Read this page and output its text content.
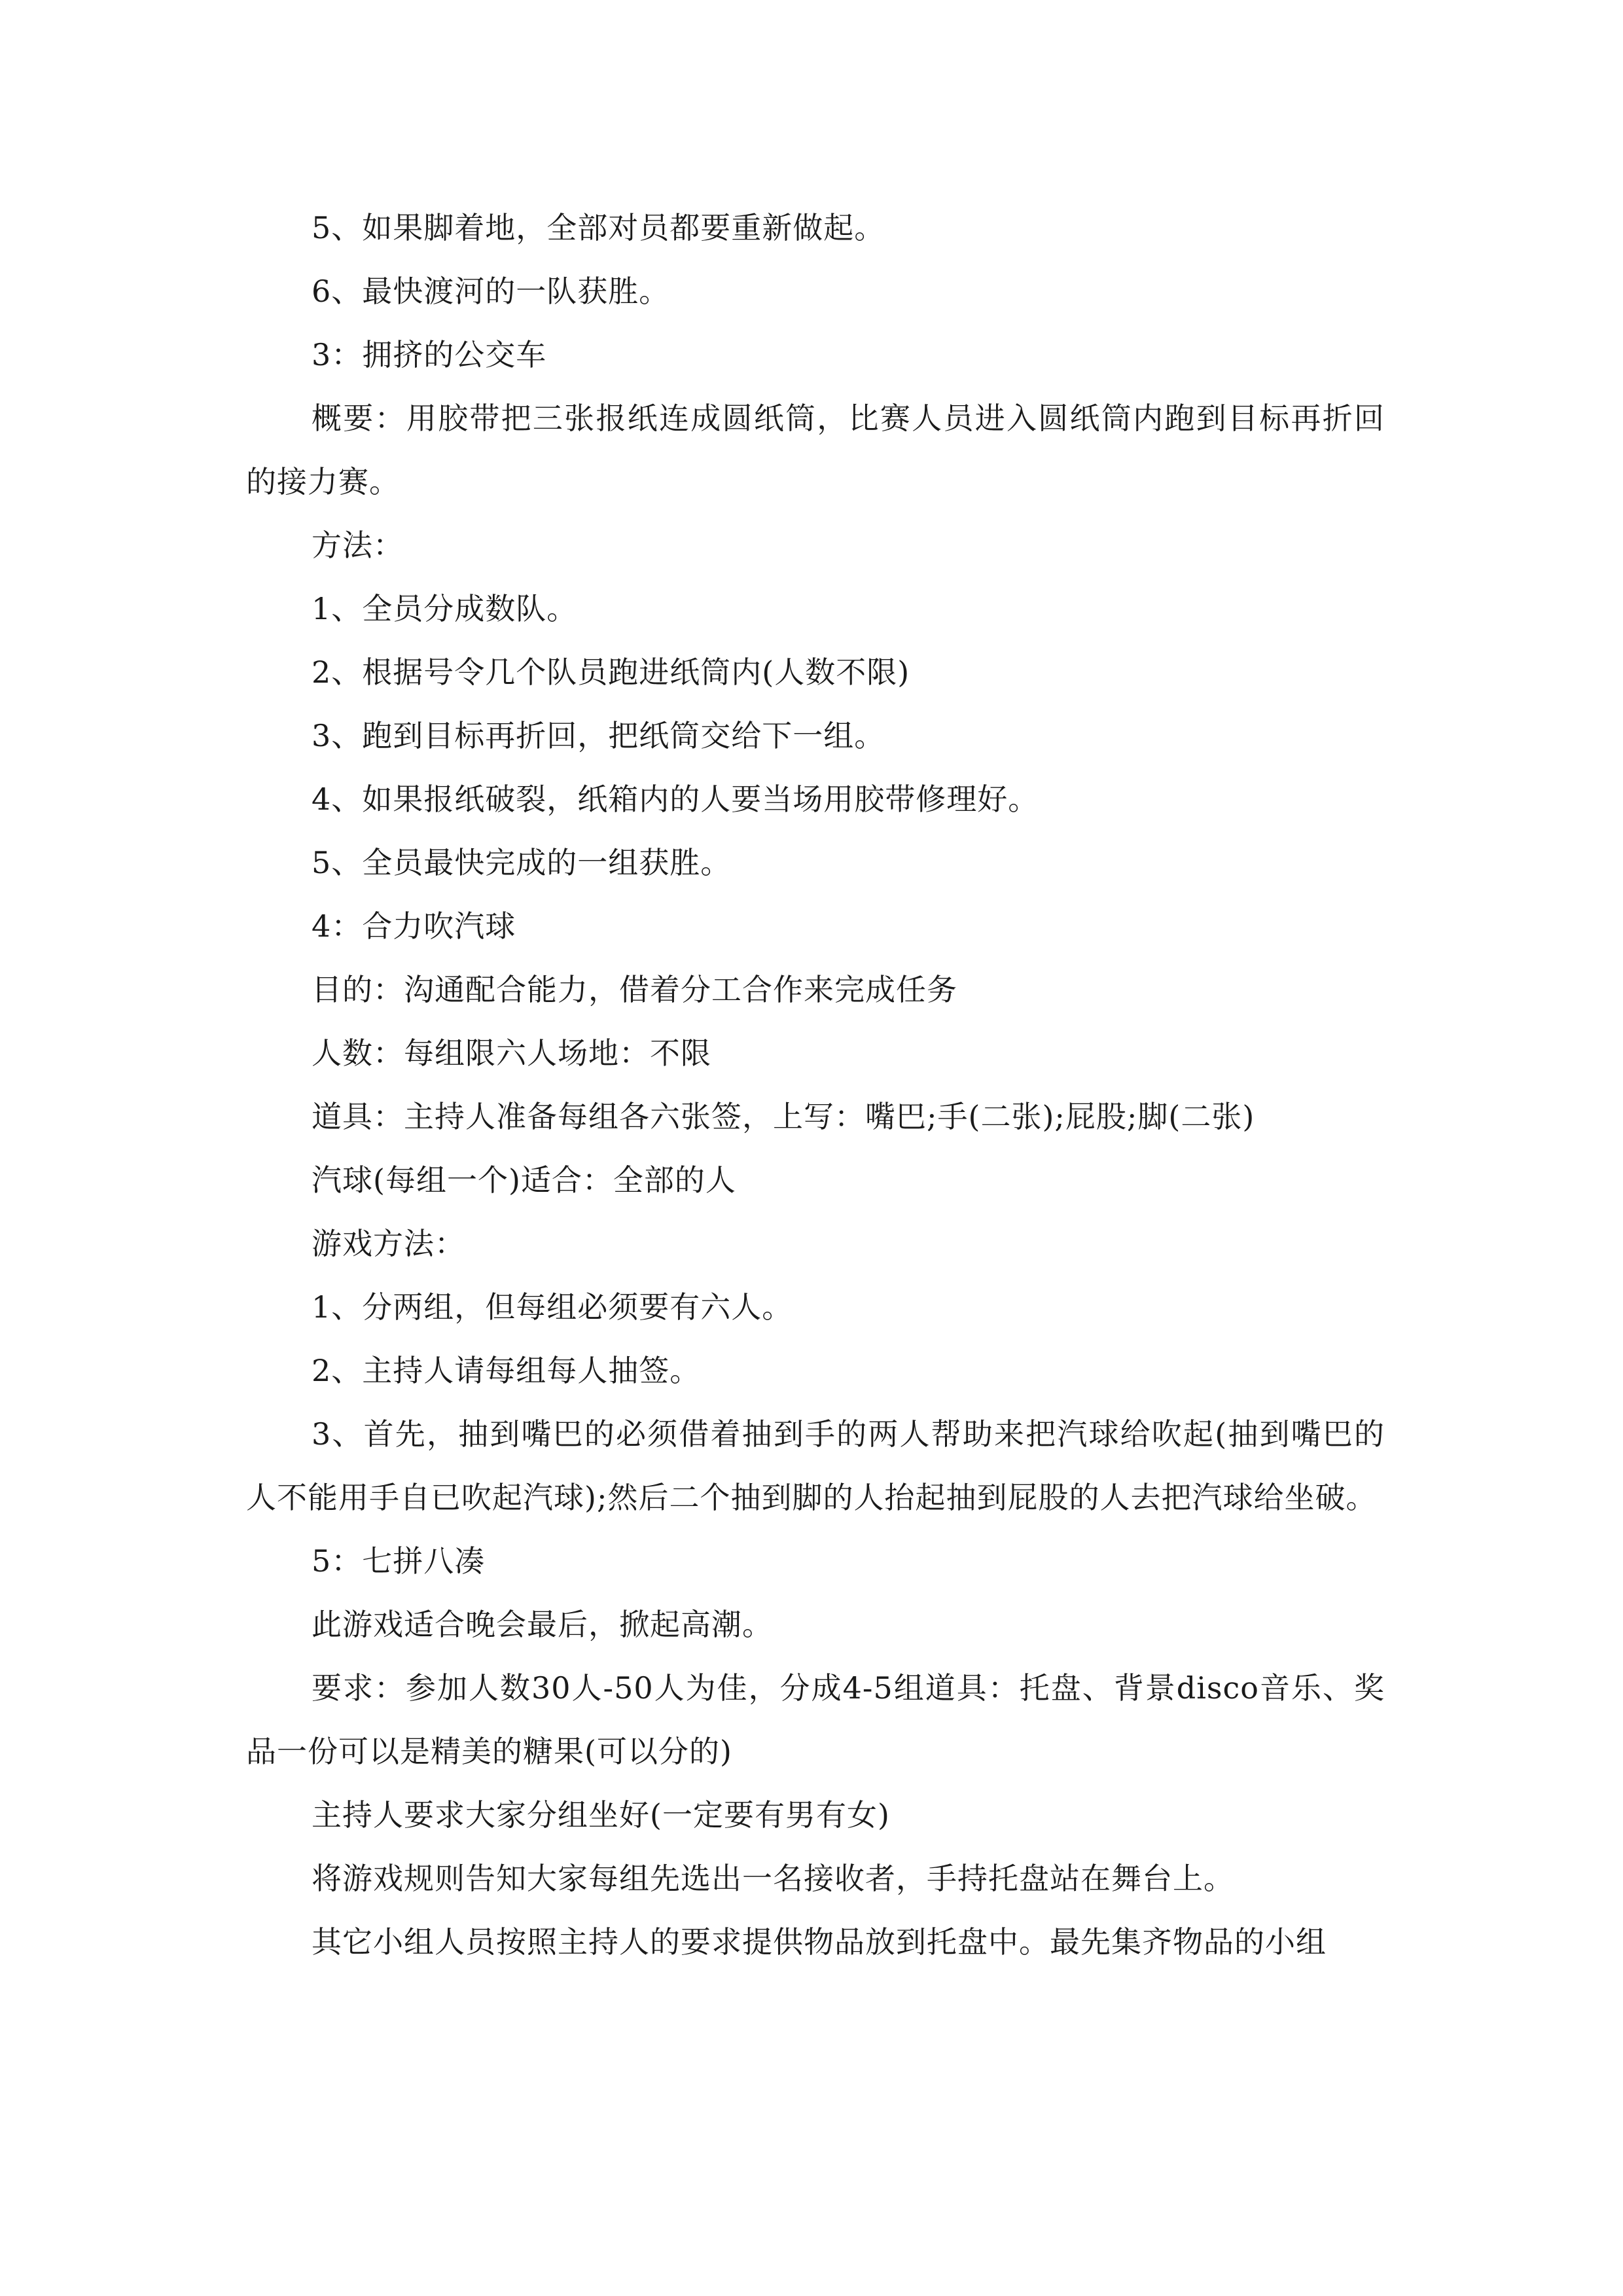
5、如果脚着地，全部对员都要重新做起。

6、最快渡河的一队获胜。

3：拥挤的公交车

概要：用胶带把三张报纸连成圆纸筒，比赛人员进入圆纸筒内跑到目标再折回的接力赛。

方法：

1、全员分成数队。

2、根据号令几个队员跑进纸筒内(人数不限)

3、跑到目标再折回，把纸筒交给下一组。

4、如果报纸破裂，纸箱内的人要当场用胶带修理好。

5、全员最快完成的一组获胜。

4：合力吹汽球

目的：沟通配合能力，借着分工合作来完成任务

人数：每组限六人场地：不限

道具：主持人准备每组各六张签，上写：嘴巴;手(二张);屁股;脚(二张)

汽球(每组一个)适合：全部的人

游戏方法：

1、分两组，但每组必须要有六人。

2、主持人请每组每人抽签。

3、首先，抽到嘴巴的必须借着抽到手的两人帮助来把汽球给吹起(抽到嘴巴的人不能用手自已吹起汽球);然后二个抽到脚的人抬起抽到屁股的人去把汽球给坐破。

5：七拼八凑

此游戏适合晚会最后，掀起高潮。

要求：参加人数30人-50人为佳，分成4-5组道具：托盘、背景disco音乐、奖品一份可以是精美的糖果(可以分的)

主持人要求大家分组坐好(一定要有男有女)

将游戏规则告知大家每组先选出一名接收者，手持托盘站在舞台上。

其它小组人员按照主持人的要求提供物品放到托盘中。最先集齐物品的小组
